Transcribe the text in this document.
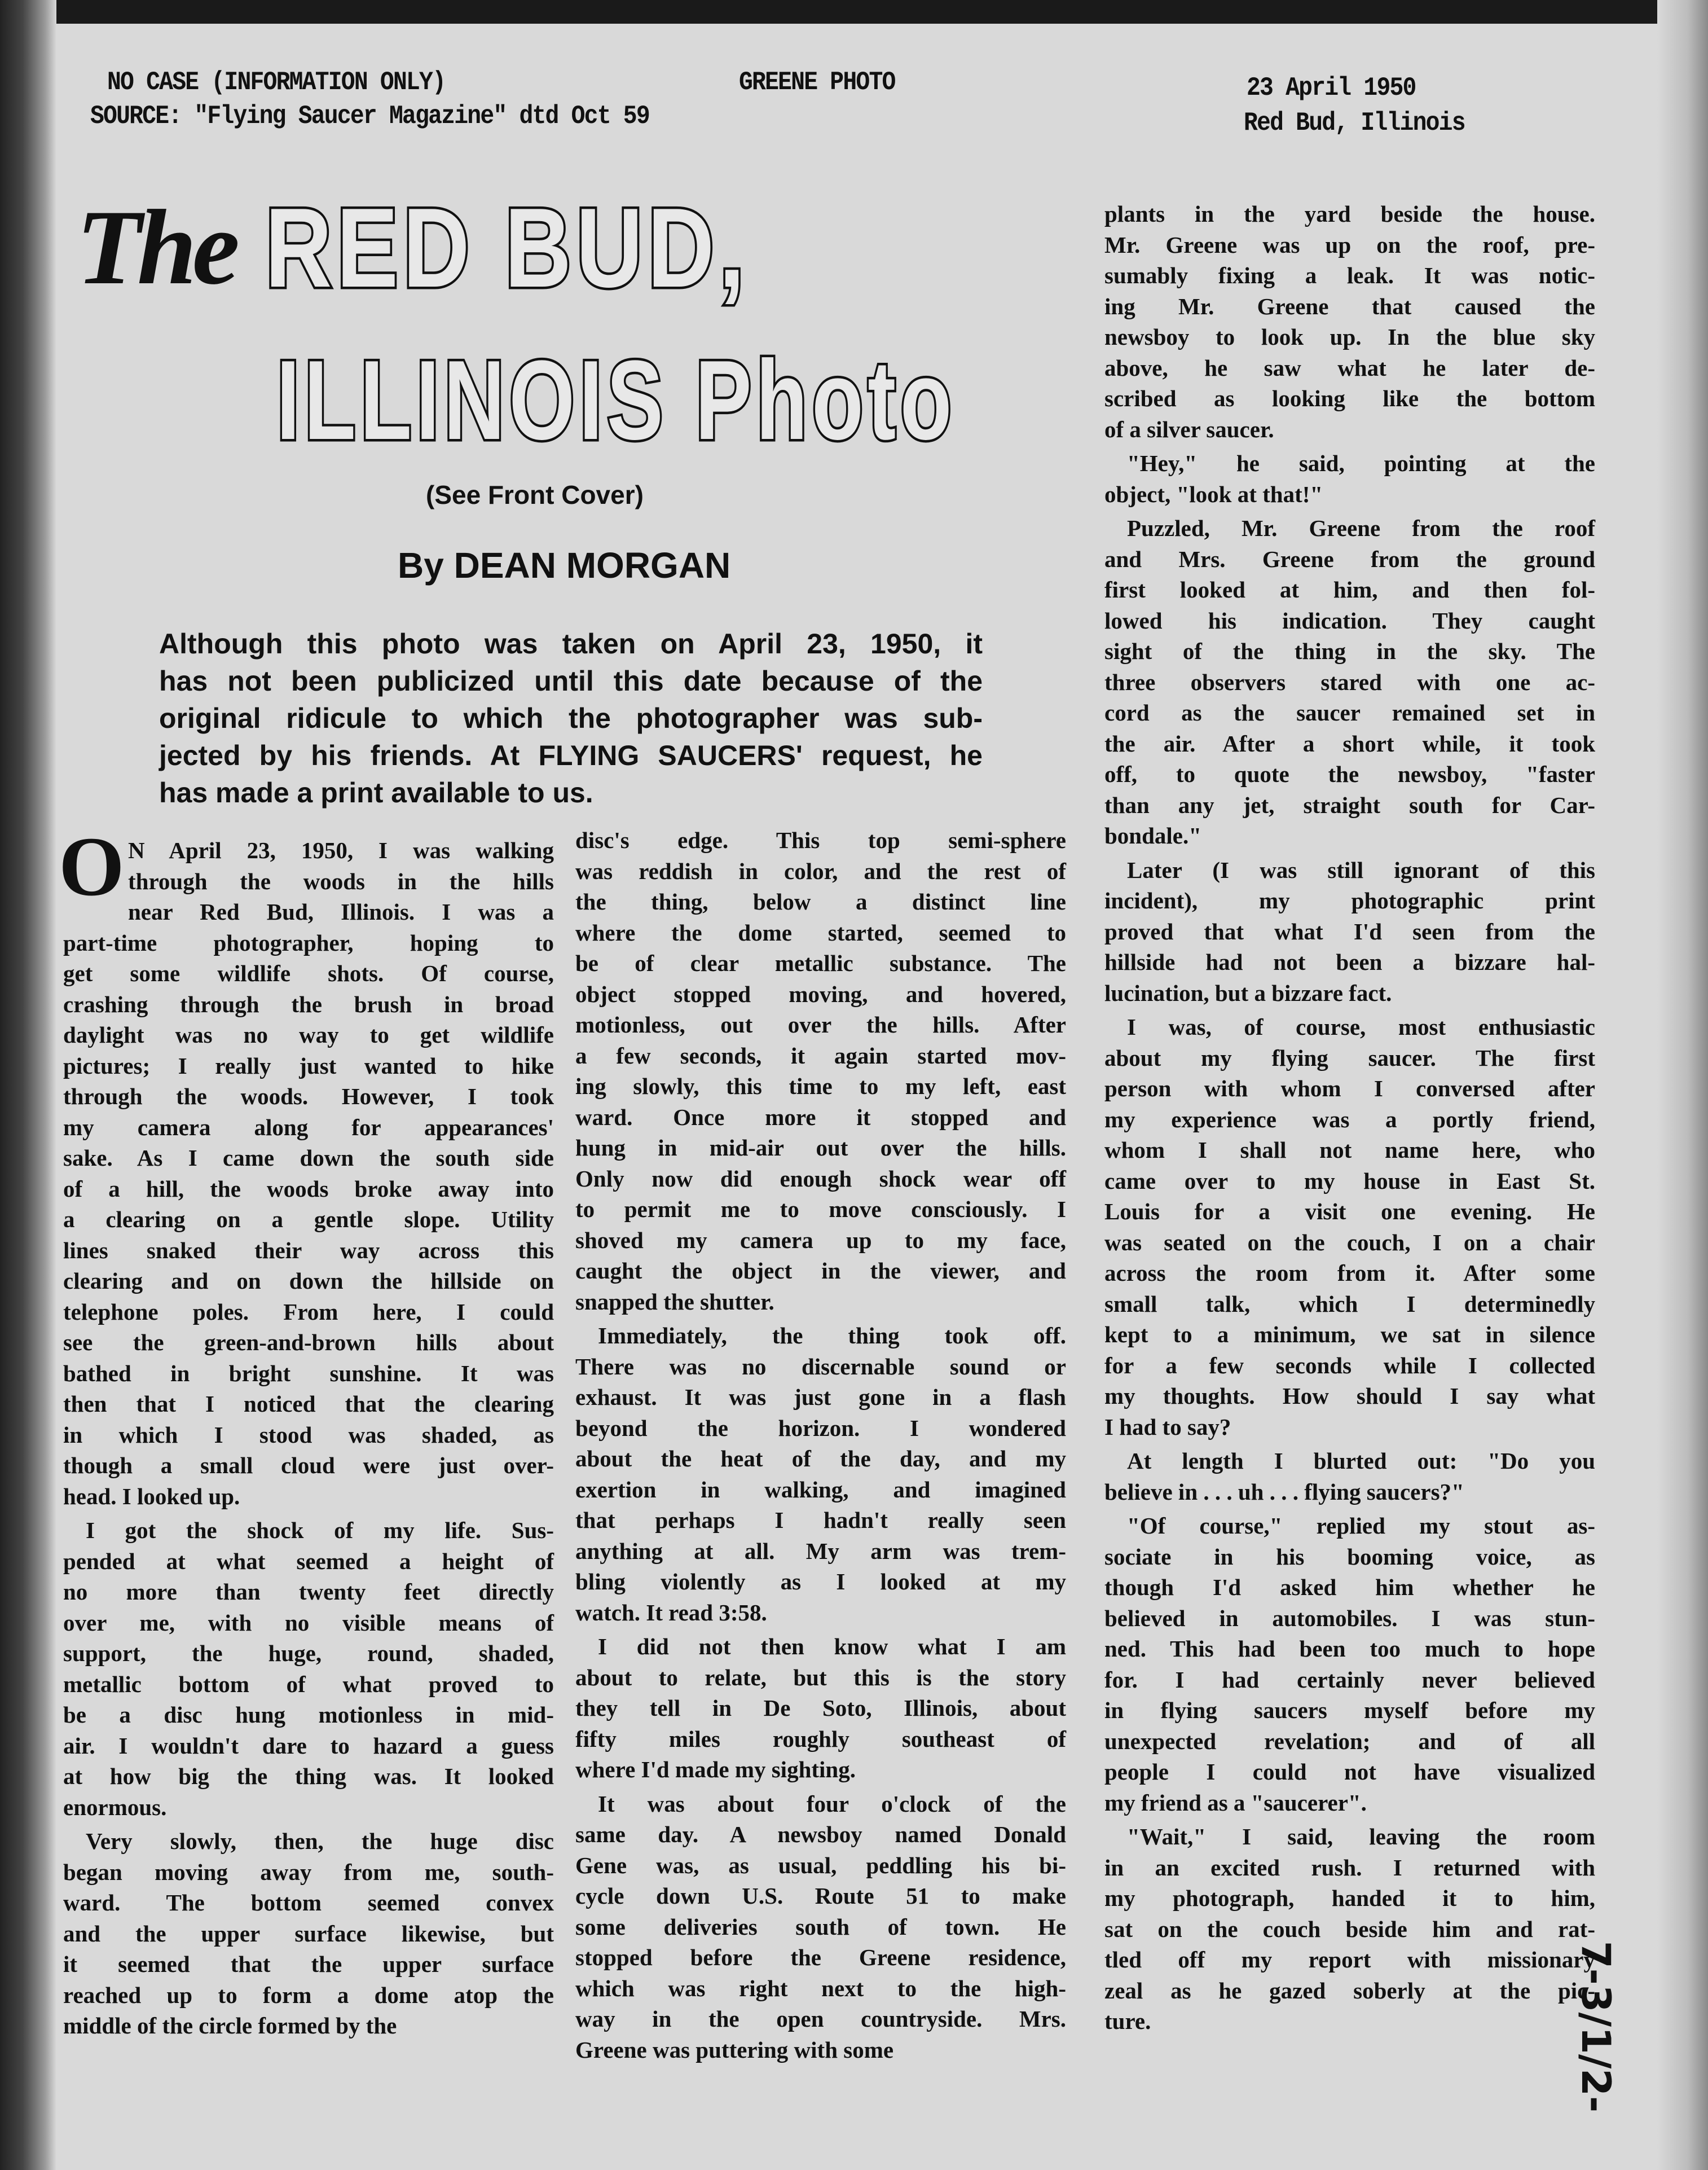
NO CASE (INFORMATION ONLY)
SOURCE: "Flying Saucer Magazine" dtd Oct 59
GREENE PHOTO	23 April 1950
Red Bud, Illinois
The RED BUD,
ILLINOIS Photo
(See Front Cover)
By DEAN MORGAN
Although this photo was taken on April 23, 1950, it
has not been publicized until this date because of the
original ridicule to which the photographer was sub-
jected by his friends. At FLYING SAUCERS' request, he
has made a print available to us.
N April 23, 1950, I was walking
through the woods in the hills
near Red Bud, Illinois. I was a
part-time photographer, hoping to
get some wildlife shots. Of course,
crashing through the brush in broad
daylight was no way to get wildlife
pictures; I really just wanted to hike
through the woods. However, I took
my camera along for appearances'
sake. As I came down the south side
of a hill, the woods broke away into
a clearing on a gentle slope. Utility
lines snaked their way across this
clearing and on down the hillside on
telephone poles. From here, I could
see the green-and-brown hills about
bathed in bright sunshine. It was
then that I noticed that the clearing
in which I stood was shaded, as
though a small cloud were just over-
head. I looked up.
I got the shock of my life. Sus-
pended at what seemed a height of
no more than twenty feet directly
over me, with no visible means of
support, the huge, round, shaded,
metallic bottom of what proved to
be a disc hung motionless in mid-
air. I wouldn't dare to hazard a guess
at how big the thing was. It looked
enormous.
Very slowly, then, the huge disc
began moving away from me, south-
ward. The bottom seemed convex
and the upper surface likewise, but
it seemed that the upper surface
reached up to form a dome atop the
middle of the circle formed by the
O	disc's edge. This top semi-sphere
was reddish in color, and the rest of
the thing, below a distinct line
where the dome started, seemed to
be of clear metallic substance. The
object stopped moving, and hovered,
motionless, out over the hills. After
a few seconds, it again started mov-
ing slowly, this time to my left, east
ward. Once more it stopped and
hung in mid-air out over the hills.
Only now did enough shock wear off
to permit me to move consciously. I
shoved my camera up to my face,
caught the object in the viewer, and
snapped the shutter.
Immediately, the thing took off.
There was no discernable sound or
exhaust. It was just gone in a flash
beyond the horizon. I wondered
about the heat of the day, and my
exertion in walking, and imagined
that perhaps I hadn't really seen
anything at all. My arm was trem-
bling violently as I looked at my
watch. It read 3:58.
I did not then know what I am
about to relate, but this is the story
they tell in De Soto, Illinois, about
fifty miles roughly southeast of
where I'd made my sighting.
It was about four o'clock of the
same day. A newsboy named Donald
Gene was, as usual, peddling his bi-
cycle down U.S. Route 51 to make
some deliveries south of town. He
stopped before the Greene residence,
which was right next to the high-
way in the open countryside. Mrs.
Greene was puttering with some
plants in the yard beside the house.
Mr. Greene was up on the roof, pre-
sumably fixing a leak. It was notic-
ing Mr. Greene that caused the
newsboy to look up. In the blue sky
above, he saw what he later de-
scribed as looking like the bottom
of a silver saucer.
"Hey," he said, pointing at the
object, "look at that!"
Puzzled, Mr. Greene from the roof
and Mrs. Greene from the ground
first looked at him, and then fol-
lowed his indication. They caught
sight of the thing in the sky. The
three observers stared with one ac-
cord as the saucer remained set in
the air. After a short while, it took
off, to quote the newsboy, "faster
than any jet, straight south for Car-
bondale."
Later (I was still ignorant of this
incident), my photographic print
proved that what I'd seen from the
hillside had not been a bizzare hal-
lucination, but a bizzare fact.
I was, of course, most enthusiastic
about my flying saucer. The first
person with whom I conversed after
my experience was a portly friend,
whom I shall not name here, who
came over to my house in East St.
Louis for a visit one evening. He
was seated on the couch, I on a chair
across the room from it. After some
small talk, which I determinedly
kept to a minimum, we sat in silence
for a few seconds while I collected
my thoughts. How should I say what
I had to say?
At length I blurted out: "Do you
believe in . . . uh . . . flying saucers?"
"Of course," replied my stout as-
sociate in his booming voice, as
though I'd asked him whether he
believed in automobiles. I was stun-
ned. This had been too much to hope
for. I had certainly never believed
in flying saucers myself before my
unexpected revelation; and of all
people I could not have visualized
my friend as a "saucerer".
"Wait," I said, leaving the room
in an excited rush. I returned with
my photograph, handed it to him,
sat on the couch beside him and rat-
tled off my report with missionary
zeal as he gazed soberly at the pic-
ture.	7-3/1/2-
